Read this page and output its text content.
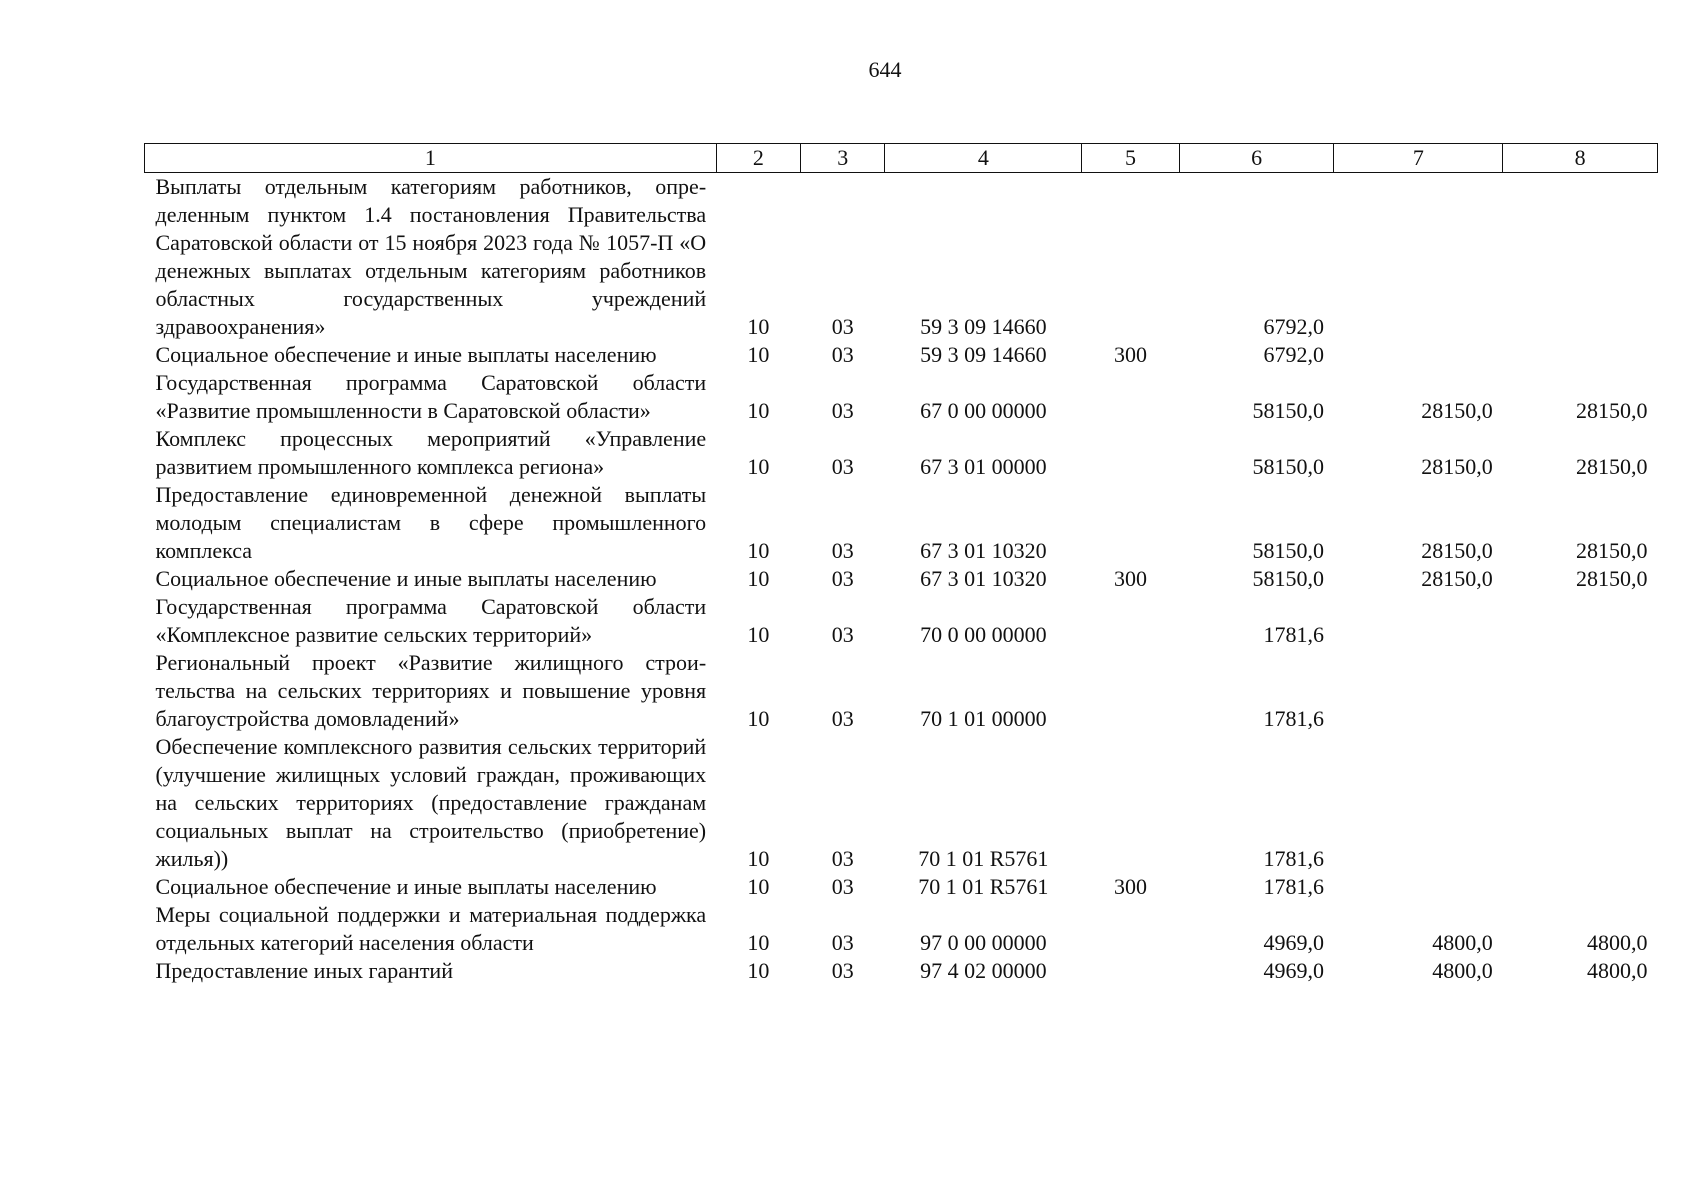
644
1	2	3	4	5	6	7	8
Выплаты отдельным категориям работников, определенным пунктом 1.4 постановления Правительства Саратовской области от 15 ноября 2023 года № 1057-П «О денежных выплатах отдельным категориям работников областных государственных учреждений здравоохранения»	10	03	59 3 09 14660		6792,0		
Социальное обеспечение и иные выплаты населению	10	03	59 3 09 14660	300	6792,0		
Государственная программа Саратовской области «Развитие промышленности в Саратовской области»	10	03	67 0 00 00000		58150,0	28150,0	28150,0
Комплекс процессных мероприятий «Управление развитием промышленного комплекса региона»	10	03	67 3 01 00000		58150,0	28150,0	28150,0
Предоставление единовременной денежной выплаты молодым специалистам в сфере промышленного комплекса	10	03	67 3 01 10320		58150,0	28150,0	28150,0
Социальное обеспечение и иные выплаты населению	10	03	67 3 01 10320	300	58150,0	28150,0	28150,0
Государственная программа Саратовской области «Комплексное развитие сельских территорий»	10	03	70 0 00 00000		1781,6		
Региональный проект «Развитие жилищного строительства на сельских территориях и повышение уровня благоустройства домовладений»	10	03	70 1 01 00000		1781,6		
Обеспечение комплексного развития сельских территорий (улучшение жилищных условий граждан, проживающих на сельских территориях (предоставление гражданам социальных выплат на строительство (приобретение) жилья))	10	03	70 1 01 R5761		1781,6		
Социальное обеспечение и иные выплаты населению	10	03	70 1 01 R5761	300	1781,6		
Меры социальной поддержки и материальная поддержка отдельных категорий населения области	10	03	97 0 00 00000		4969,0	4800,0	4800,0
Предоставление иных гарантий	10	03	97 4 02 00000		4969,0	4800,0	4800,0
